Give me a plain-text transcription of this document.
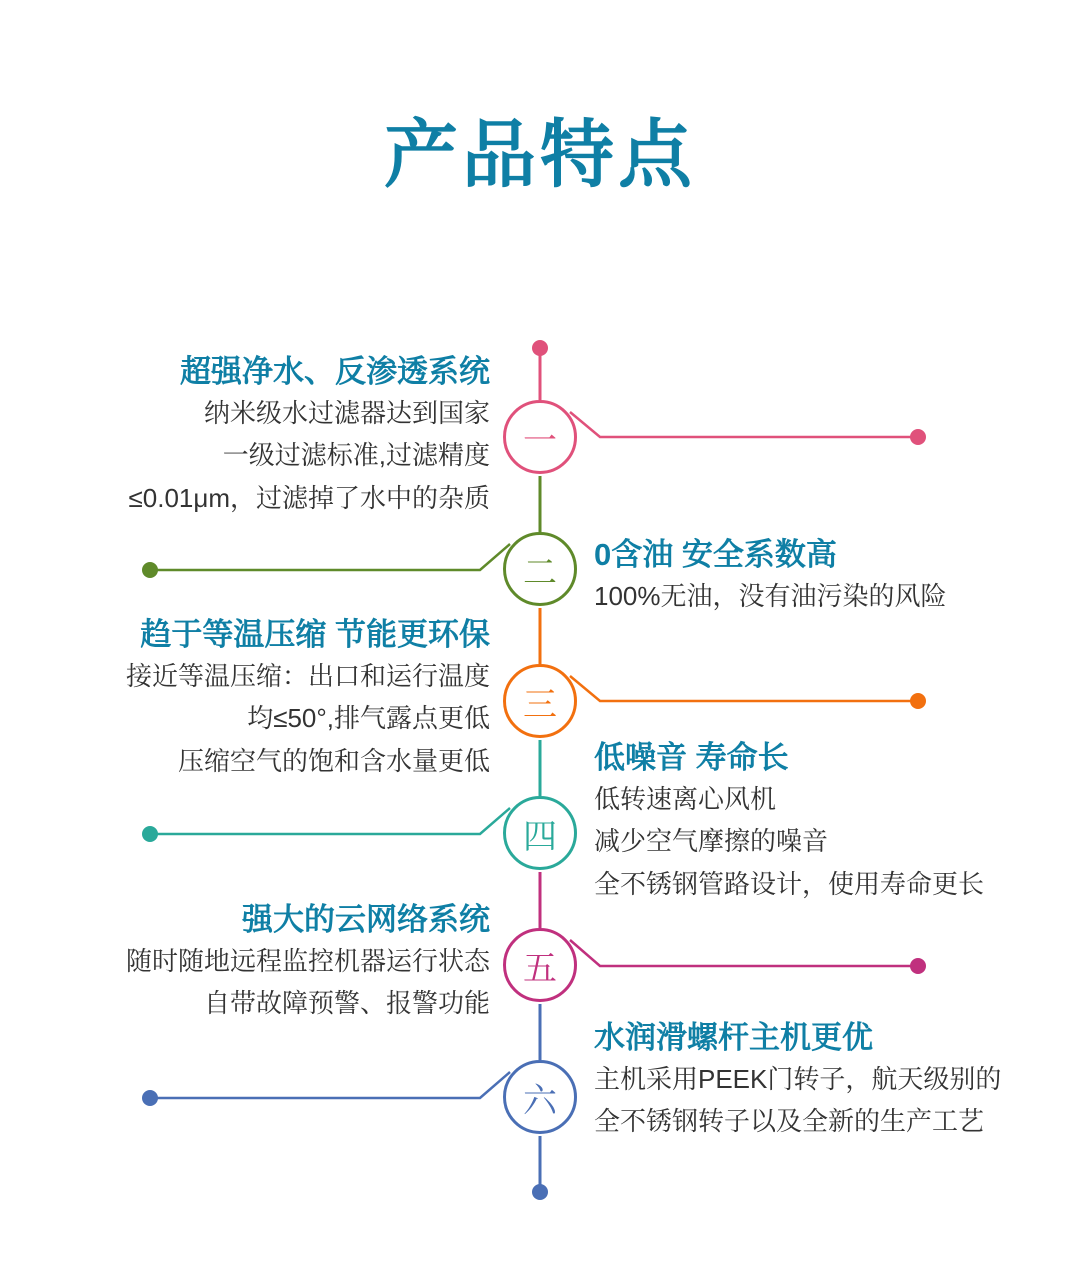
产品特点
一
二
三
四
五
六
超强净水、反渗透系统
纳米级水过滤器达到国家
一级过滤标准,过滤精度
≤0.01μm，过滤掉了水中的杂质
0含油 安全系数高
100%无油，没有油污染的风险
趋于等温压缩 节能更环保
接近等温压缩：出口和运行温度
均≤50°,排气露点更低
压缩空气的饱和含水量更低	低噪音 寿命长
低转速离心风机
减少空气摩擦的噪音
全不锈钢管路设计，使用寿命更长
强大的云网络系统
随时随地远程监控机器运行状态
自带故障预警、报警功能
水润滑螺杆主机更优
主机采用PEEK门转子，航天级别的
全不锈钢转子以及全新的生产工艺
